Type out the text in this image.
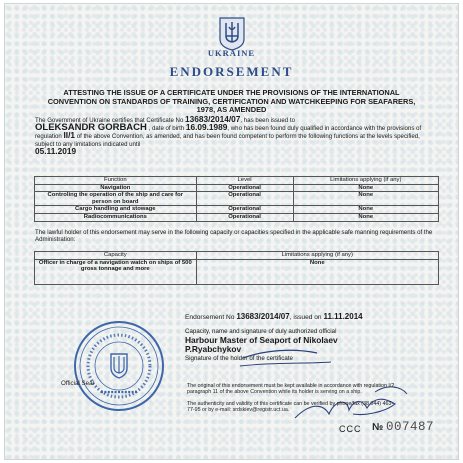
UKRAINE
ENDORSEMENT
ATTESTING THE ISSUE OF A CERTIFICATE UNDER THE PROVISIONS OF THE INTERNATIONAL CONVENTION ON STANDARDS OF TRAINING, CERTIFICATION AND WATCHKEEPING FOR SEAFARERS, 1978, AS AMENDED
The Government of Ukraine certifies that Certificate No 13683/2014/07, has been issued to
OLEKSANDR GORBACH , date of birth 16.09.1989, who has been found duly qualified in accordance with the provisions of regulation II/1 of the above Convention, as amended, and has been found competent to perform the following functions at the levels specified, subject to any limitations indicated until
05.11.2019
Function	Level	Limitations applying (if any)
Navigation	Operational	None
Controling the operation of the ship and care for person on board	Operational	None
Cargo handling and stowage	Operational	None
Radiocommunications	Operational	None
The lawful holder of this endorsement may serve in the following capacity or capacities specified in the applicable safe manning requirements of the Administration:
Capacity	Limitations applying (if any)
Officer in charge of a navigation watch on ships of 500 gross tonnage and more	None
Endorsement No 13683/2014/07, issued on 11.11.2014
Capacity, name and signature of duly authorized official
Harbour Master of Seaport of Nikolaev
P.Ryabchykov
Signature of the holder of the certificate
Official Seal	The original of this endorsement must be kept available in accordance with regulation I/2, paragraph 11 of the above Convention while its holder is serving on a ship.
The authenticity and validity of this certificate can be verified by phone/fax (38 044) 463-77-95 or by e-mail: srdskiev@registr.uct.ua.
CCC № 007487
